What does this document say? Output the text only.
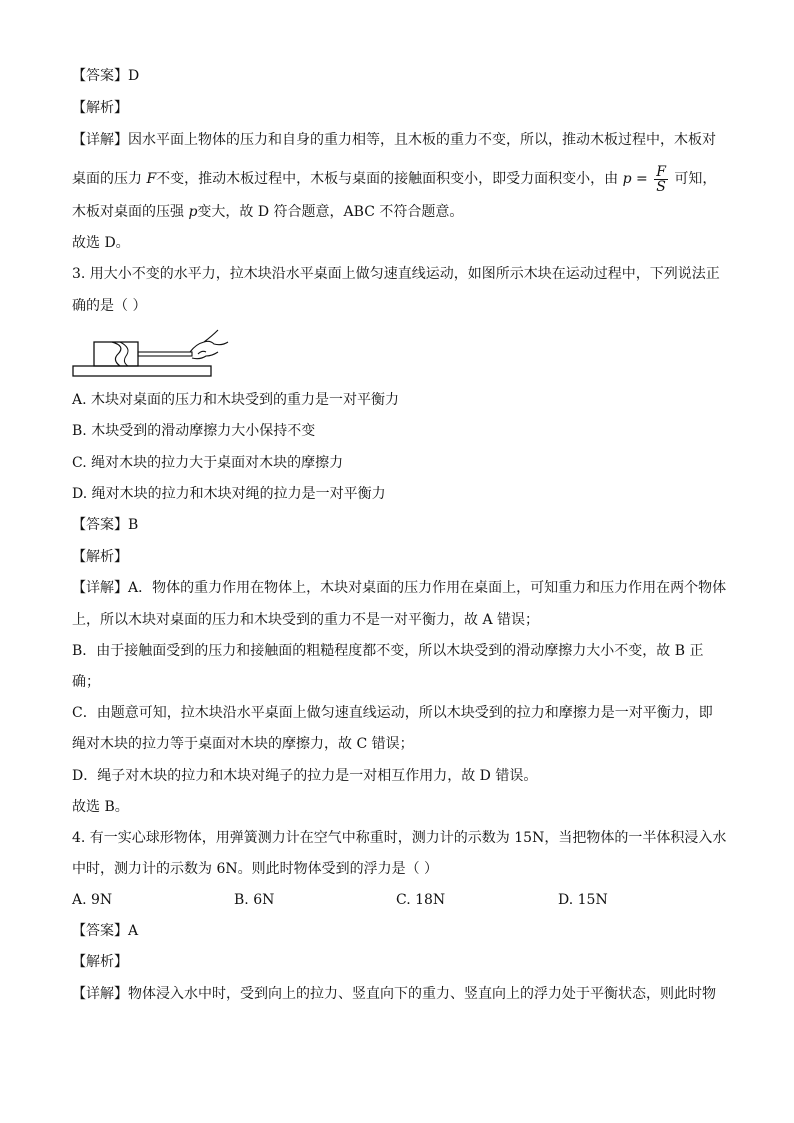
【答案】D
【解析】
【详解】因水平面上物体的压力和自身的重力相等，且木板的重力不变，所以，推动木板过程中，木板对
桌面的压力 F不变，推动木板过程中，木板与桌面的接触面积变小，即受力面积变小，由 $p = \frac{F}{S}$ 可知，
木板对桌面的压强 p变大，故 D 符合题意，ABC 不符合题意。
故选 D。
3. 用大小不变的水平力，拉木块沿水平桌面上做匀速直线运动，如图所示木块在运动过程中，下列说法正
确的是（ ）
A. 木块对桌面的压力和木块受到的重力是一对平衡力
B. 木块受到的滑动摩擦力大小保持不变
C. 绳对木块的拉力大于桌面对木块的摩擦力
D. 绳对木块的拉力和木块对绳的拉力是一对平衡力
【答案】B
【解析】
【详解】A．物体的重力作用在物体上，木块对桌面的压力作用在桌面上，可知重力和压力作用在两个物体
上，所以木块对桌面的压力和木块受到的重力不是一对平衡力，故 A 错误；
B．由于接触面受到的压力和接触面的粗糙程度都不变，所以木块受到的滑动摩擦力大小不变，故 B 正
确；
C．由题意可知，拉木块沿水平桌面上做匀速直线运动，所以木块受到的拉力和摩擦力是一对平衡力，即
绳对木块的拉力等于桌面对木块的摩擦力，故 C 错误；
D．绳子对木块的拉力和木块对绳子的拉力是一对相互作用力，故 D 错误。
故选 B。
4. 有一实心球形物体，用弹簧测力计在空气中称重时，测力计的示数为 15N，当把物体的一半体积浸入水
中时，测力计的示数为 6N。则此时物体受到的浮力是（ ）
A. 9N	B. 6N	C. 18N	D. 15N
【答案】A
【解析】
【详解】物体浸入水中时，受到向上的拉力、竖直向下的重力、竖直向上的浮力处于平衡状态，则此时物
